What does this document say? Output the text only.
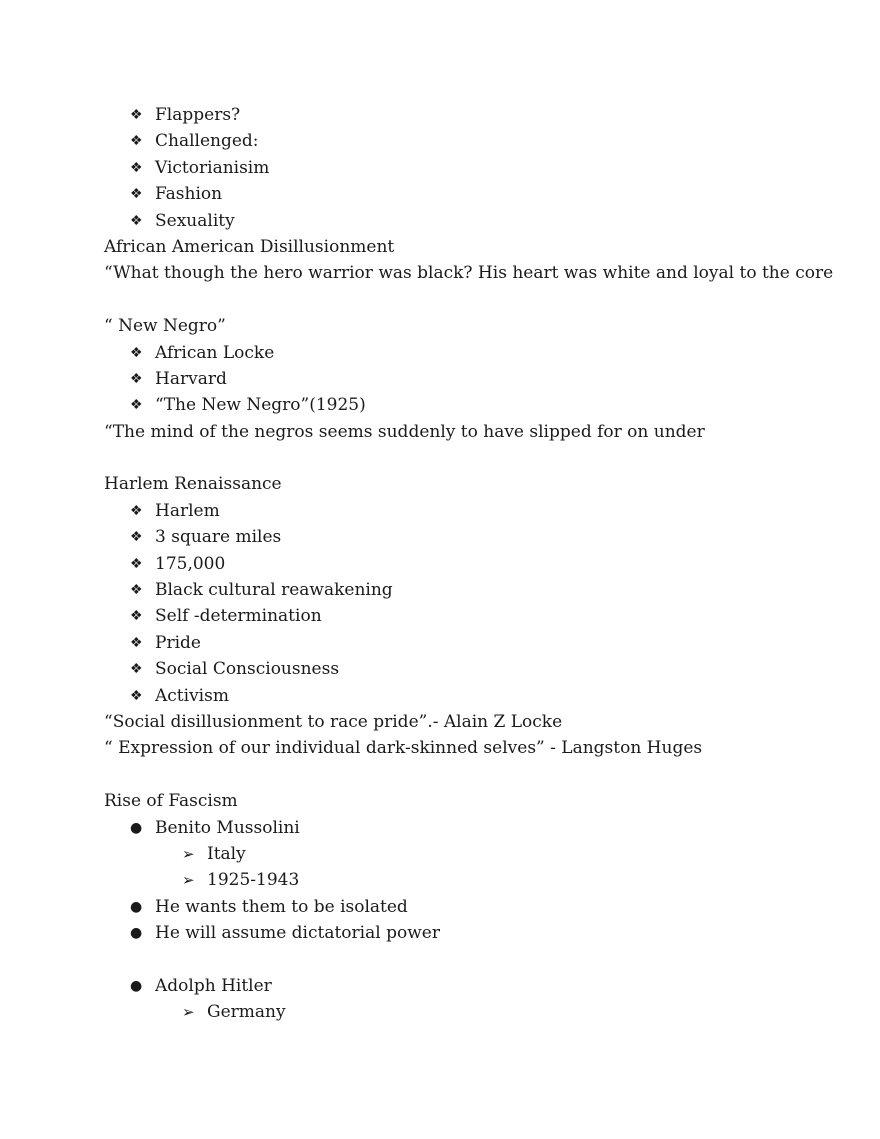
❖ Flappers?
❖ Challenged:
❖ Victorianisim
❖ Fashion
❖ Sexuality
African American Disillusionment
“What though the hero warrior was black? His heart was white and loyal to the core
“ New Negro”
❖ African Locke
❖ Harvard
❖ “The New Negro”(1925)
“The mind of the negros seems suddenly to have slipped for on under
Harlem Renaissance
❖ Harlem
❖ 3 square miles
❖ 175,000
❖ Black cultural reawakening
❖ Self -determination
❖ Pride
❖ Social Consciousness
❖ Activism
“Social disillusionment to race pride”.- Alain Z Locke
“ Expression of our individual dark-skinned selves” - Langston Huges
Rise of Fascism
● Benito Mussolini
➢ Italy
➢ 1925-1943
● He wants them to be isolated
● He will assume dictatorial power
● Adolph Hitler
➢ Germany
